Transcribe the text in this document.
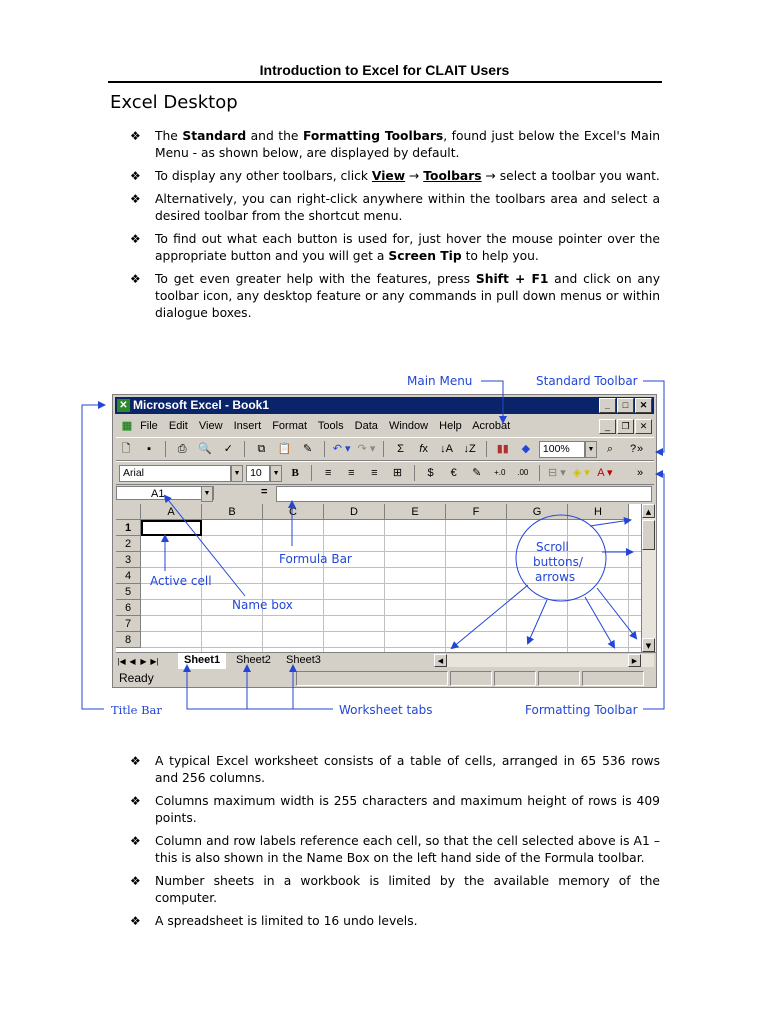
Introduction to Excel for CLAIT Users
Excel Desktop
❖ The Standard and the Formatting Toolbars, found just below the Excel's Main Menu - as shown below, are displayed by default.
❖ To display any other toolbars, click View → Toolbars → select a toolbar you want.
❖ Alternatively, you can right-click anywhere within the toolbars area and select a desired toolbar from the shortcut menu.
❖ To find out what each button is used for, just hover the mouse pointer over the appropriate button and you will get a Screen Tip to help you.
❖ To get even greater help with the features, press Shift + F1 and click on any toolbar icon, any desktop feature or any commands in pull down menus or within dialogue boxes.
Main Menu	Standard Toolbar
✕ Microsoft Excel - Book1	_ □ ✕
▦ File Edit View Insert Format Tools Data Window Help Acrobat	_ ❐ ✕
🗋 ▪ ⎙ 🔍 ✓ ⧉ 📋 ✎ ↶ ▾ ↷ ▾ Σ fx ↓A ↓Z ▮▮ ◆ 100%	▼ ⌕ ? »
Arial	▼ 10 ▼ B ≡ ≡ ≡ ⊞ $ € ✎ +.0 .00 ⊟ ▾ ◈ ▾ A ▾	»
A1	▼	=
A	B	C	D	E	F	G	H
1
2
3
4
5
6
7
8
▲
▼
|◀ ◀ ▶ ▶|	Sheet1	Sheet2	Sheet3	◀	▶
Ready
Formula Bar
Active cell
Name box
Scroll
buttons/
arrows
Title Bar	Worksheet tabs	Formatting Toolbar
❖ A typical Excel worksheet consists of a table of cells, arranged in 65 536 rows and 256 columns.
❖ Columns maximum width is 255 characters and maximum height of rows is 409 points.
❖ Column and row labels reference each cell, so that the cell selected above is A1 – this is also shown in the Name Box on the left hand side of the Formula toolbar.
❖ Number sheets in a workbook is limited by the available memory of the computer.
❖ A spreadsheet is limited to 16 undo levels.
